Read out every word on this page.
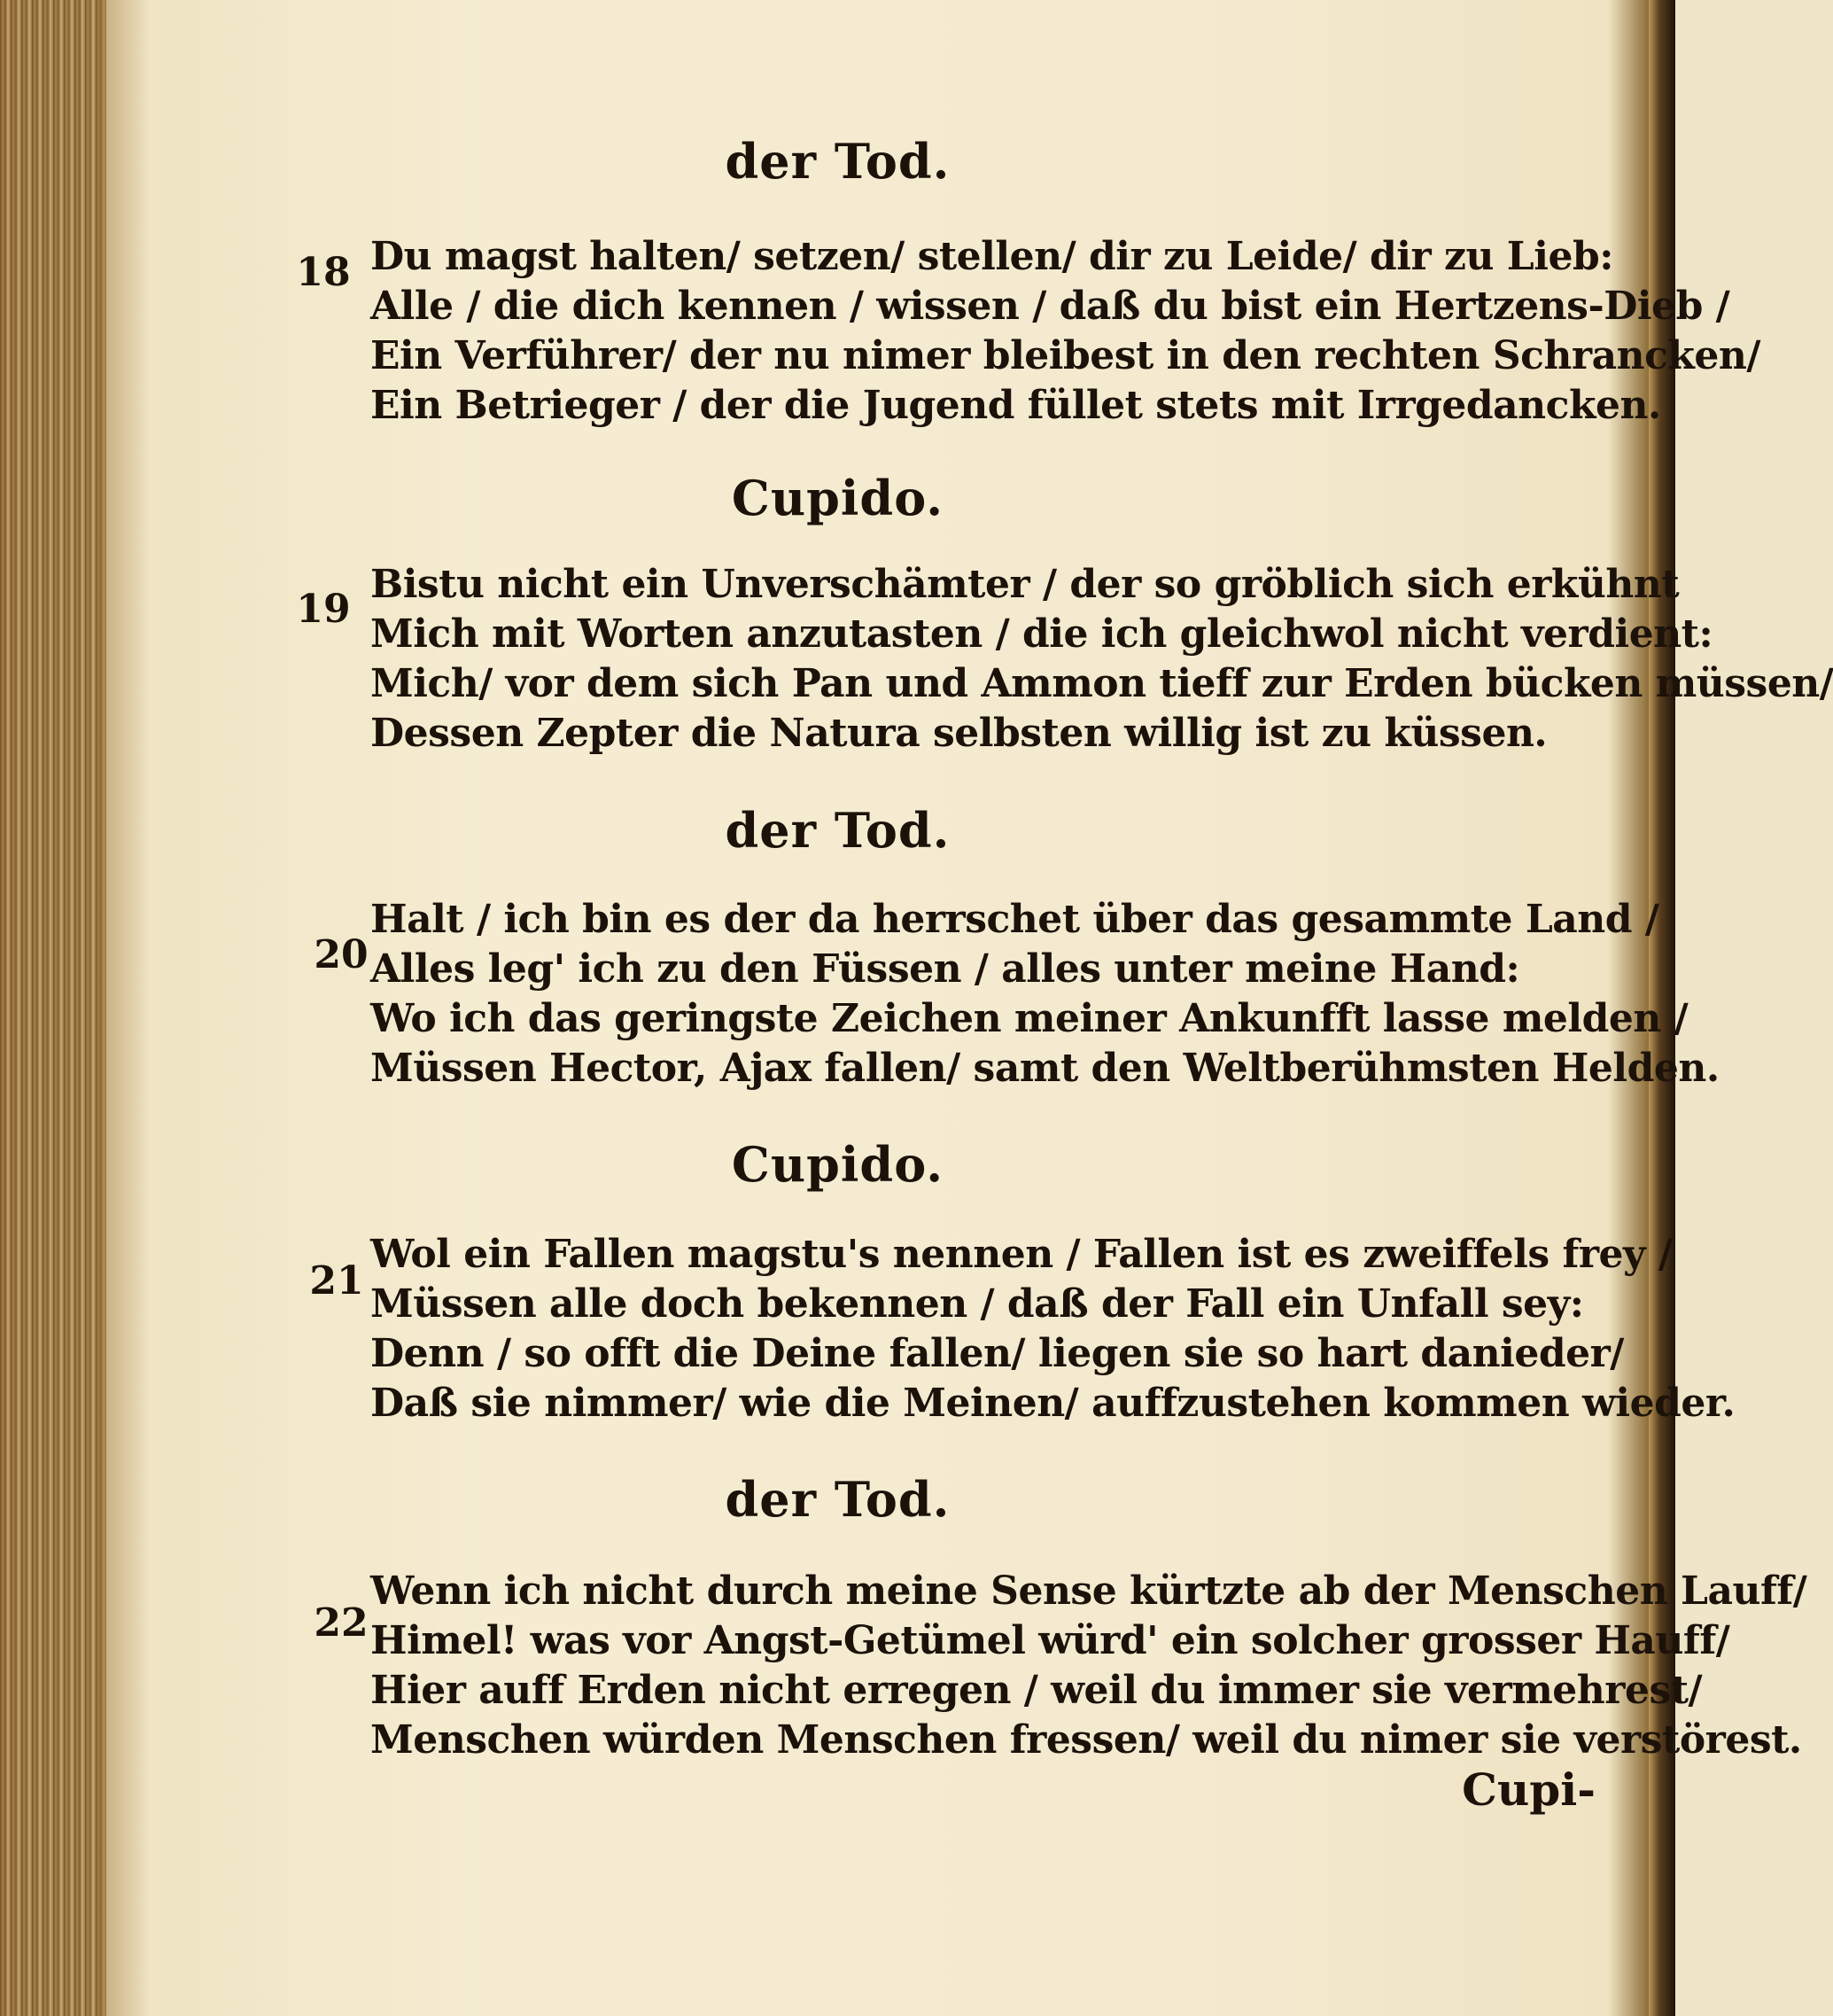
der Tod.
18 Du magst halten/ setzen/ stellen/ dir zu Leide/ dir zu Lieb:
Alle / die dich kennen / wissen / daß du bist ein Hertzens-Dieb /
Ein Verführer/ der nu nimer bleibest in den rechten Schrancken/
Ein Betrieger / der die Jugend füllet stets mit Irrgedancken.
Cupido.
19
Bistu nicht ein Unverschämter / der so gröblich sich erkühnt
Mich mit Worten anzutasten / die ich gleichwol nicht verdient:
Mich/ vor dem sich Pan und Ammon tieff zur Erden bücken müssen/
Dessen Zepter die Natura selbsten willig ist zu küssen.
der Tod.
20
Halt / ich bin es der da herrschet über das gesammte Land /
Alles leg' ich zu den Füssen / alles unter meine Hand:
Wo ich das geringste Zeichen meiner Ankunfft lasse melden /
Müssen Hector, Ajax fallen/ samt den Weltberühmsten Helden.
Cupido.
21
Wol ein Fallen magstu's nennen / Fallen ist es zweiffels frey /
Müssen alle doch bekennen / daß der Fall ein Unfall sey:
Denn / so offt die Deine fallen/ liegen sie so hart danieder/
Daß sie nimmer/ wie die Meinen/ auffzustehen kommen wieder.
der Tod.
22
Wenn ich nicht durch meine Sense kürtzte ab der Menschen Lauff/
Himel! was vor Angst-Getümel würd' ein solcher grosser Hauff/
Hier auff Erden nicht erregen / weil du immer sie vermehrest/
Menschen würden Menschen fressen/ weil du nimer sie verstörest.
Cupi-
